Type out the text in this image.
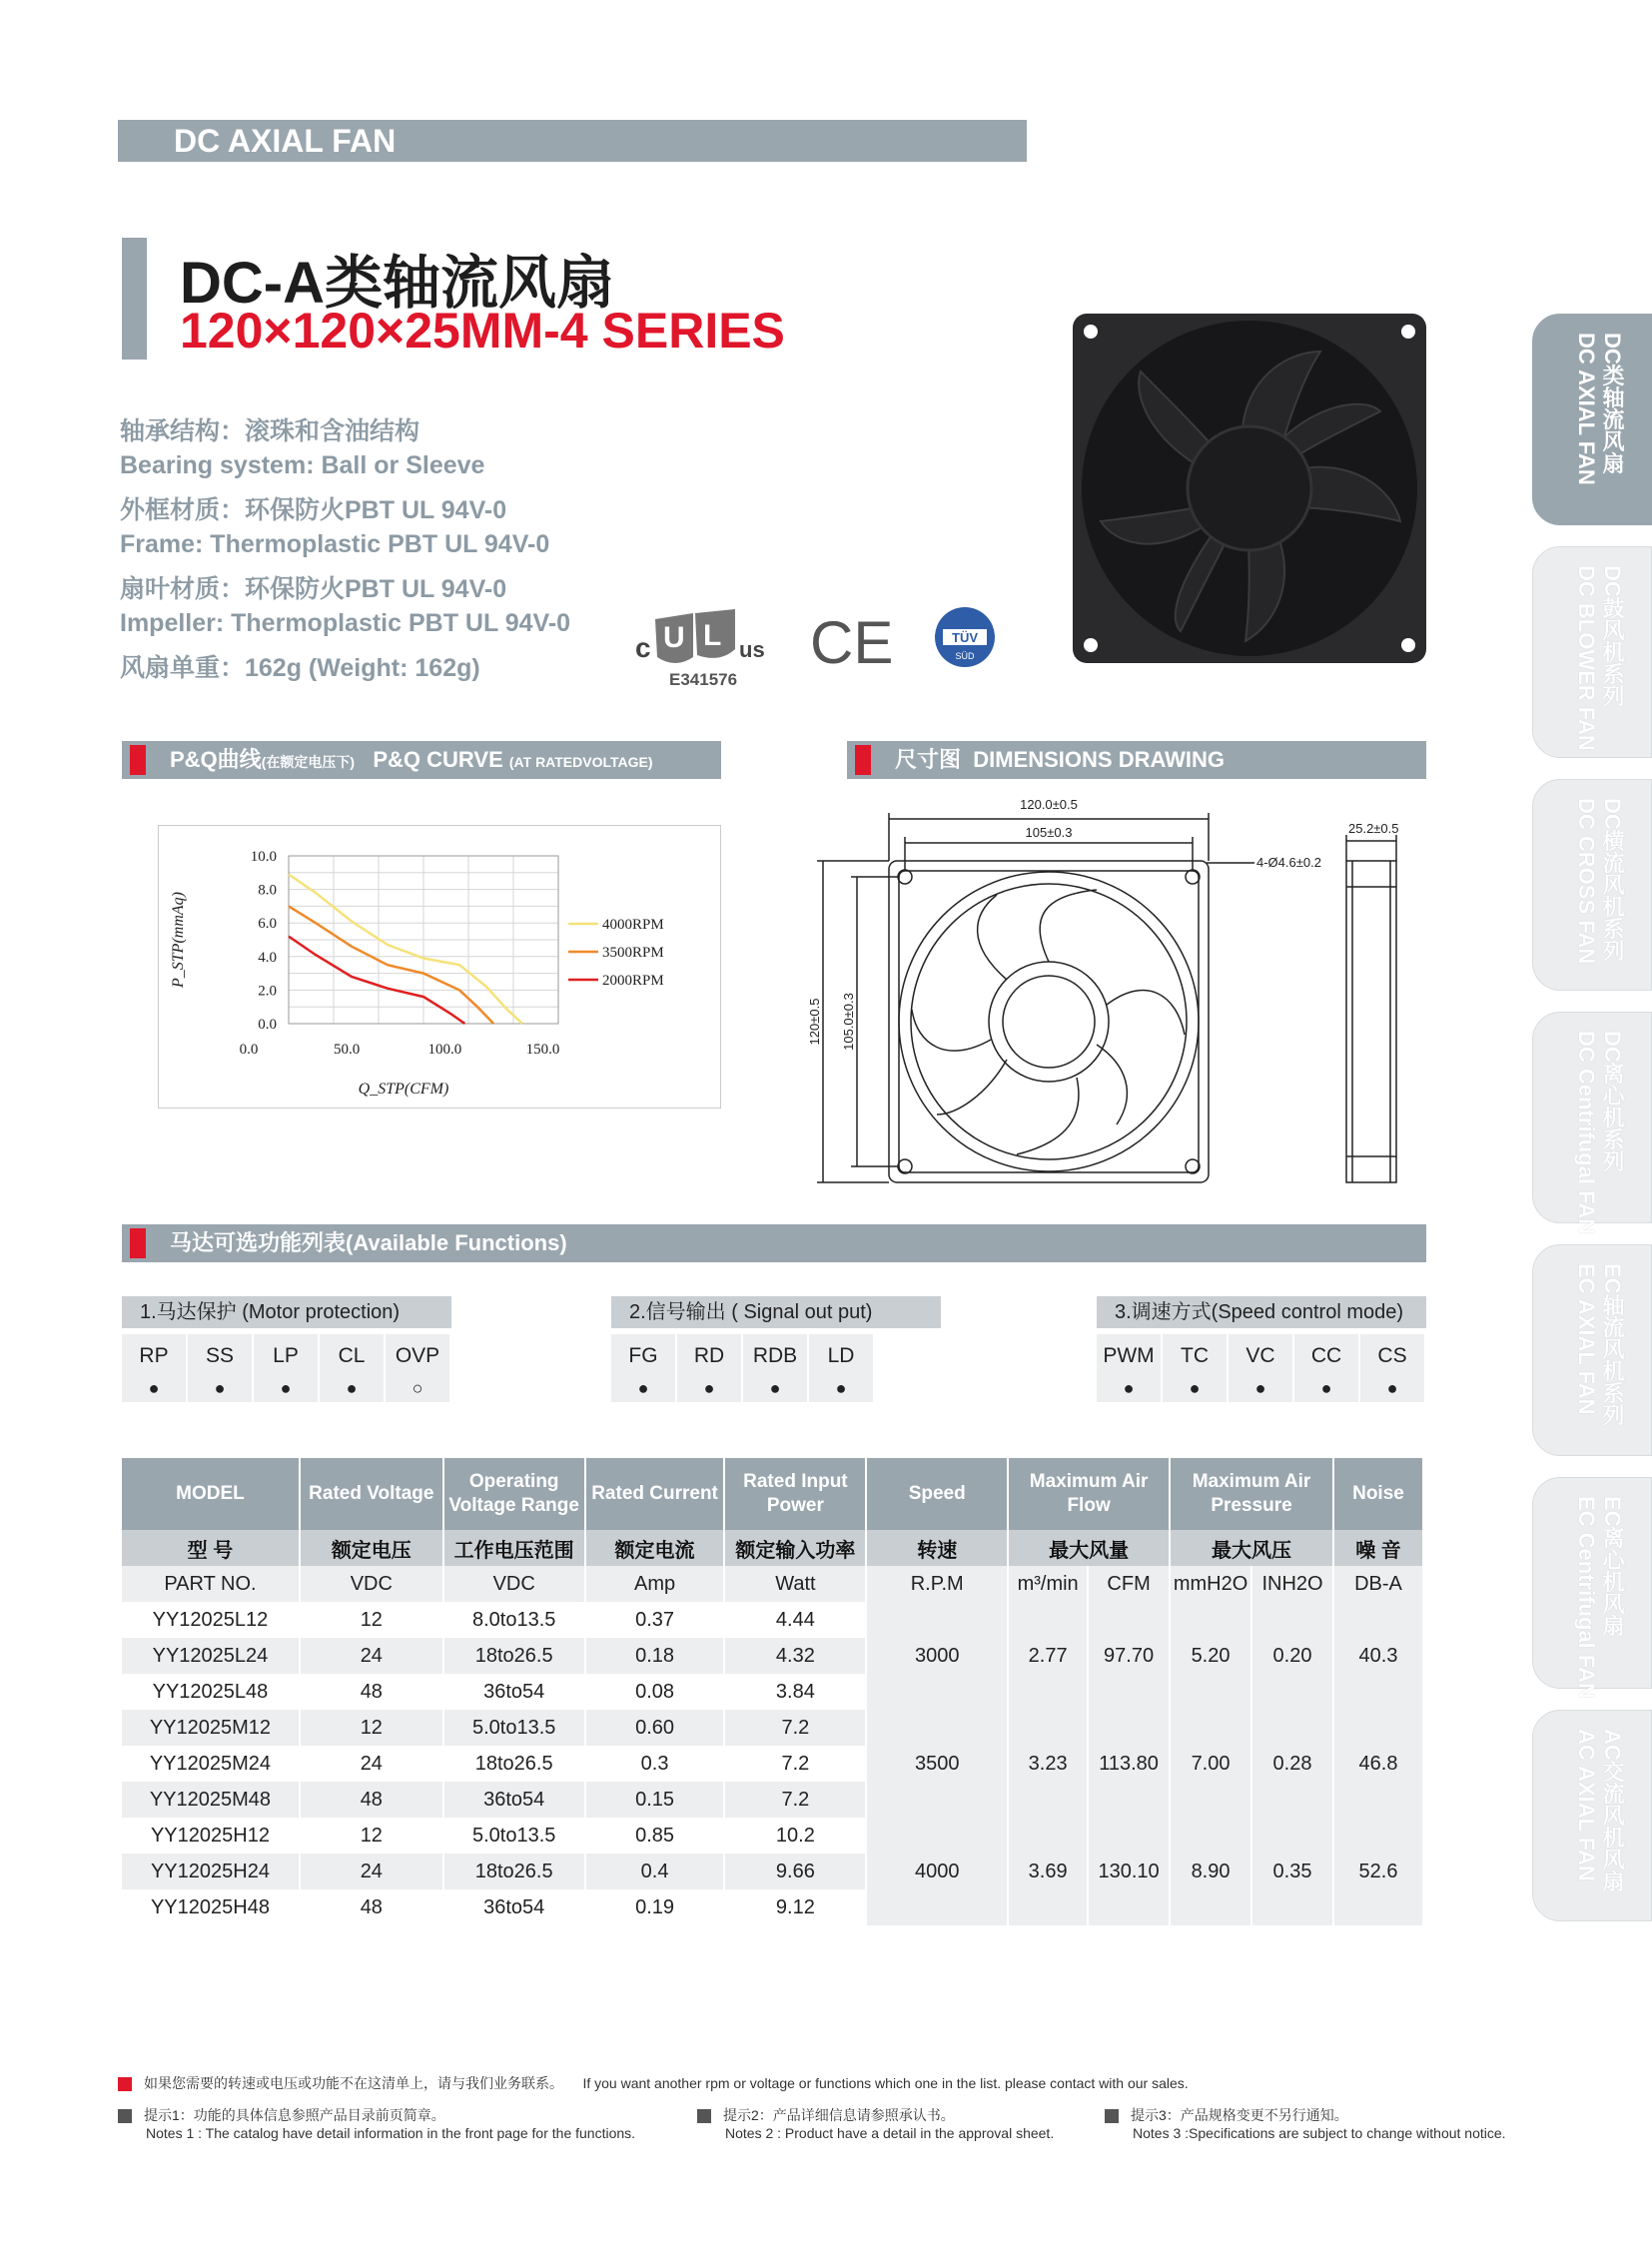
DC AXIAL FAN
DC-A类轴流风扇
120×120×25MM-4 SERIES
轴承结构：滚珠和含油结构
Bearing system: Ball or Sleeve
外框材质：环保防火PBT UL 94V-0
Frame: Thermoplastic PBT UL 94V-0
扇叶材质：环保防火PBT UL 94V-0
Impeller: Thermoplastic PBT UL 94V-0
风扇单重：162g (Weight: 162g)
c U L us
E341576
CE	TÜV
SÜD
P&Q曲线(在额定电压下) P&Q CURVE (AT RATEDVOLTAGE)
0.0
2.0
4.0
6.0
8.0
10.0
0.0	50.0	100.0	150.0
Q_STP(CFM)
P_STP(mmAq)	4000RPM
3500RPM
2000RPM
尺寸图 DIMENSIONS DRAWING
120.0±0.5
105±0.3
4-Ø4.6±0.2
25.2±0.5
120±0.5 105.0±0.3
马达可选功能列表(Available Functions)
1.马达保护 (Motor protection)	2.信号输出 ( Signal out put)	3.调速方式(Speed control mode)
RP
●
SS
●
LP
●
CL
●
OVP
○
FG
●
RD
●
RDB
●
LD
●
PWM
●
TC
●
VC
●
CC
●
CS
●
MODEL	Rated Voltage	Operating Voltage Range	Rated Current	Rated Input Power	Speed	Maximum Air Flow		Maximum Air Pressure		Noise
型 号	额定电压	工作电压范围	额定电流	额定输入功率	转速	最大风量		最大风压		噪 音
PART NO.	VDC	VDC	Amp	Watt	R.P.M	m³/min	CFM	mmH2O	INH2O	DB-A
YY12025L12	12	8.0to13.5	0.37	4.44	3000	2.77	97.70	5.20	0.20	40.3
YY12025L24	24	18to26.5	0.18	4.32						
YY12025L48	48	36to54	0.08	3.84						
YY12025M12	12	5.0to13.5	0.60	7.2	3500	3.23	113.80	7.00	0.28	46.8
YY12025M24	24	18to26.5	0.3	7.2						
YY12025M48	48	36to54	0.15	7.2						
YY12025H12	12	5.0to13.5	0.85	10.2	4000	3.69	130.10	8.90	0.35	52.6
YY12025H24	24	18to26.5	0.4	9.66						
YY12025H48	48	36to54	0.19	9.12						
DC类轴流风扇
DC AXIAL FAN
DC鼓风机系列
DC BLOWER FAN
DC横流风机系列
DC CROSS FAN
DC离心机系列
DC Centrifugal FAN
EC轴流风机系列
EC AXIAL FAN
EC离心机风扇
EC Centrifugal FAN
AC交流风机风扇
AC AXIAL FAN
如果您需要的转速或电压或功能不在这清单上，请与我们业务联系。 If you want another rpm or voltage or functions which one in the list. please contact with our sales.
提示1：功能的具体信息参照产品目录前页简章。
Notes 1 : The catalog have detail information in the front page for the functions.
提示2：产品详细信息请参照承认书。
Notes 2 : Product have a detail in the approval sheet.
提示3：产品规格变更不另行通知。
Notes 3 :Specifications are subject to change without notice.
